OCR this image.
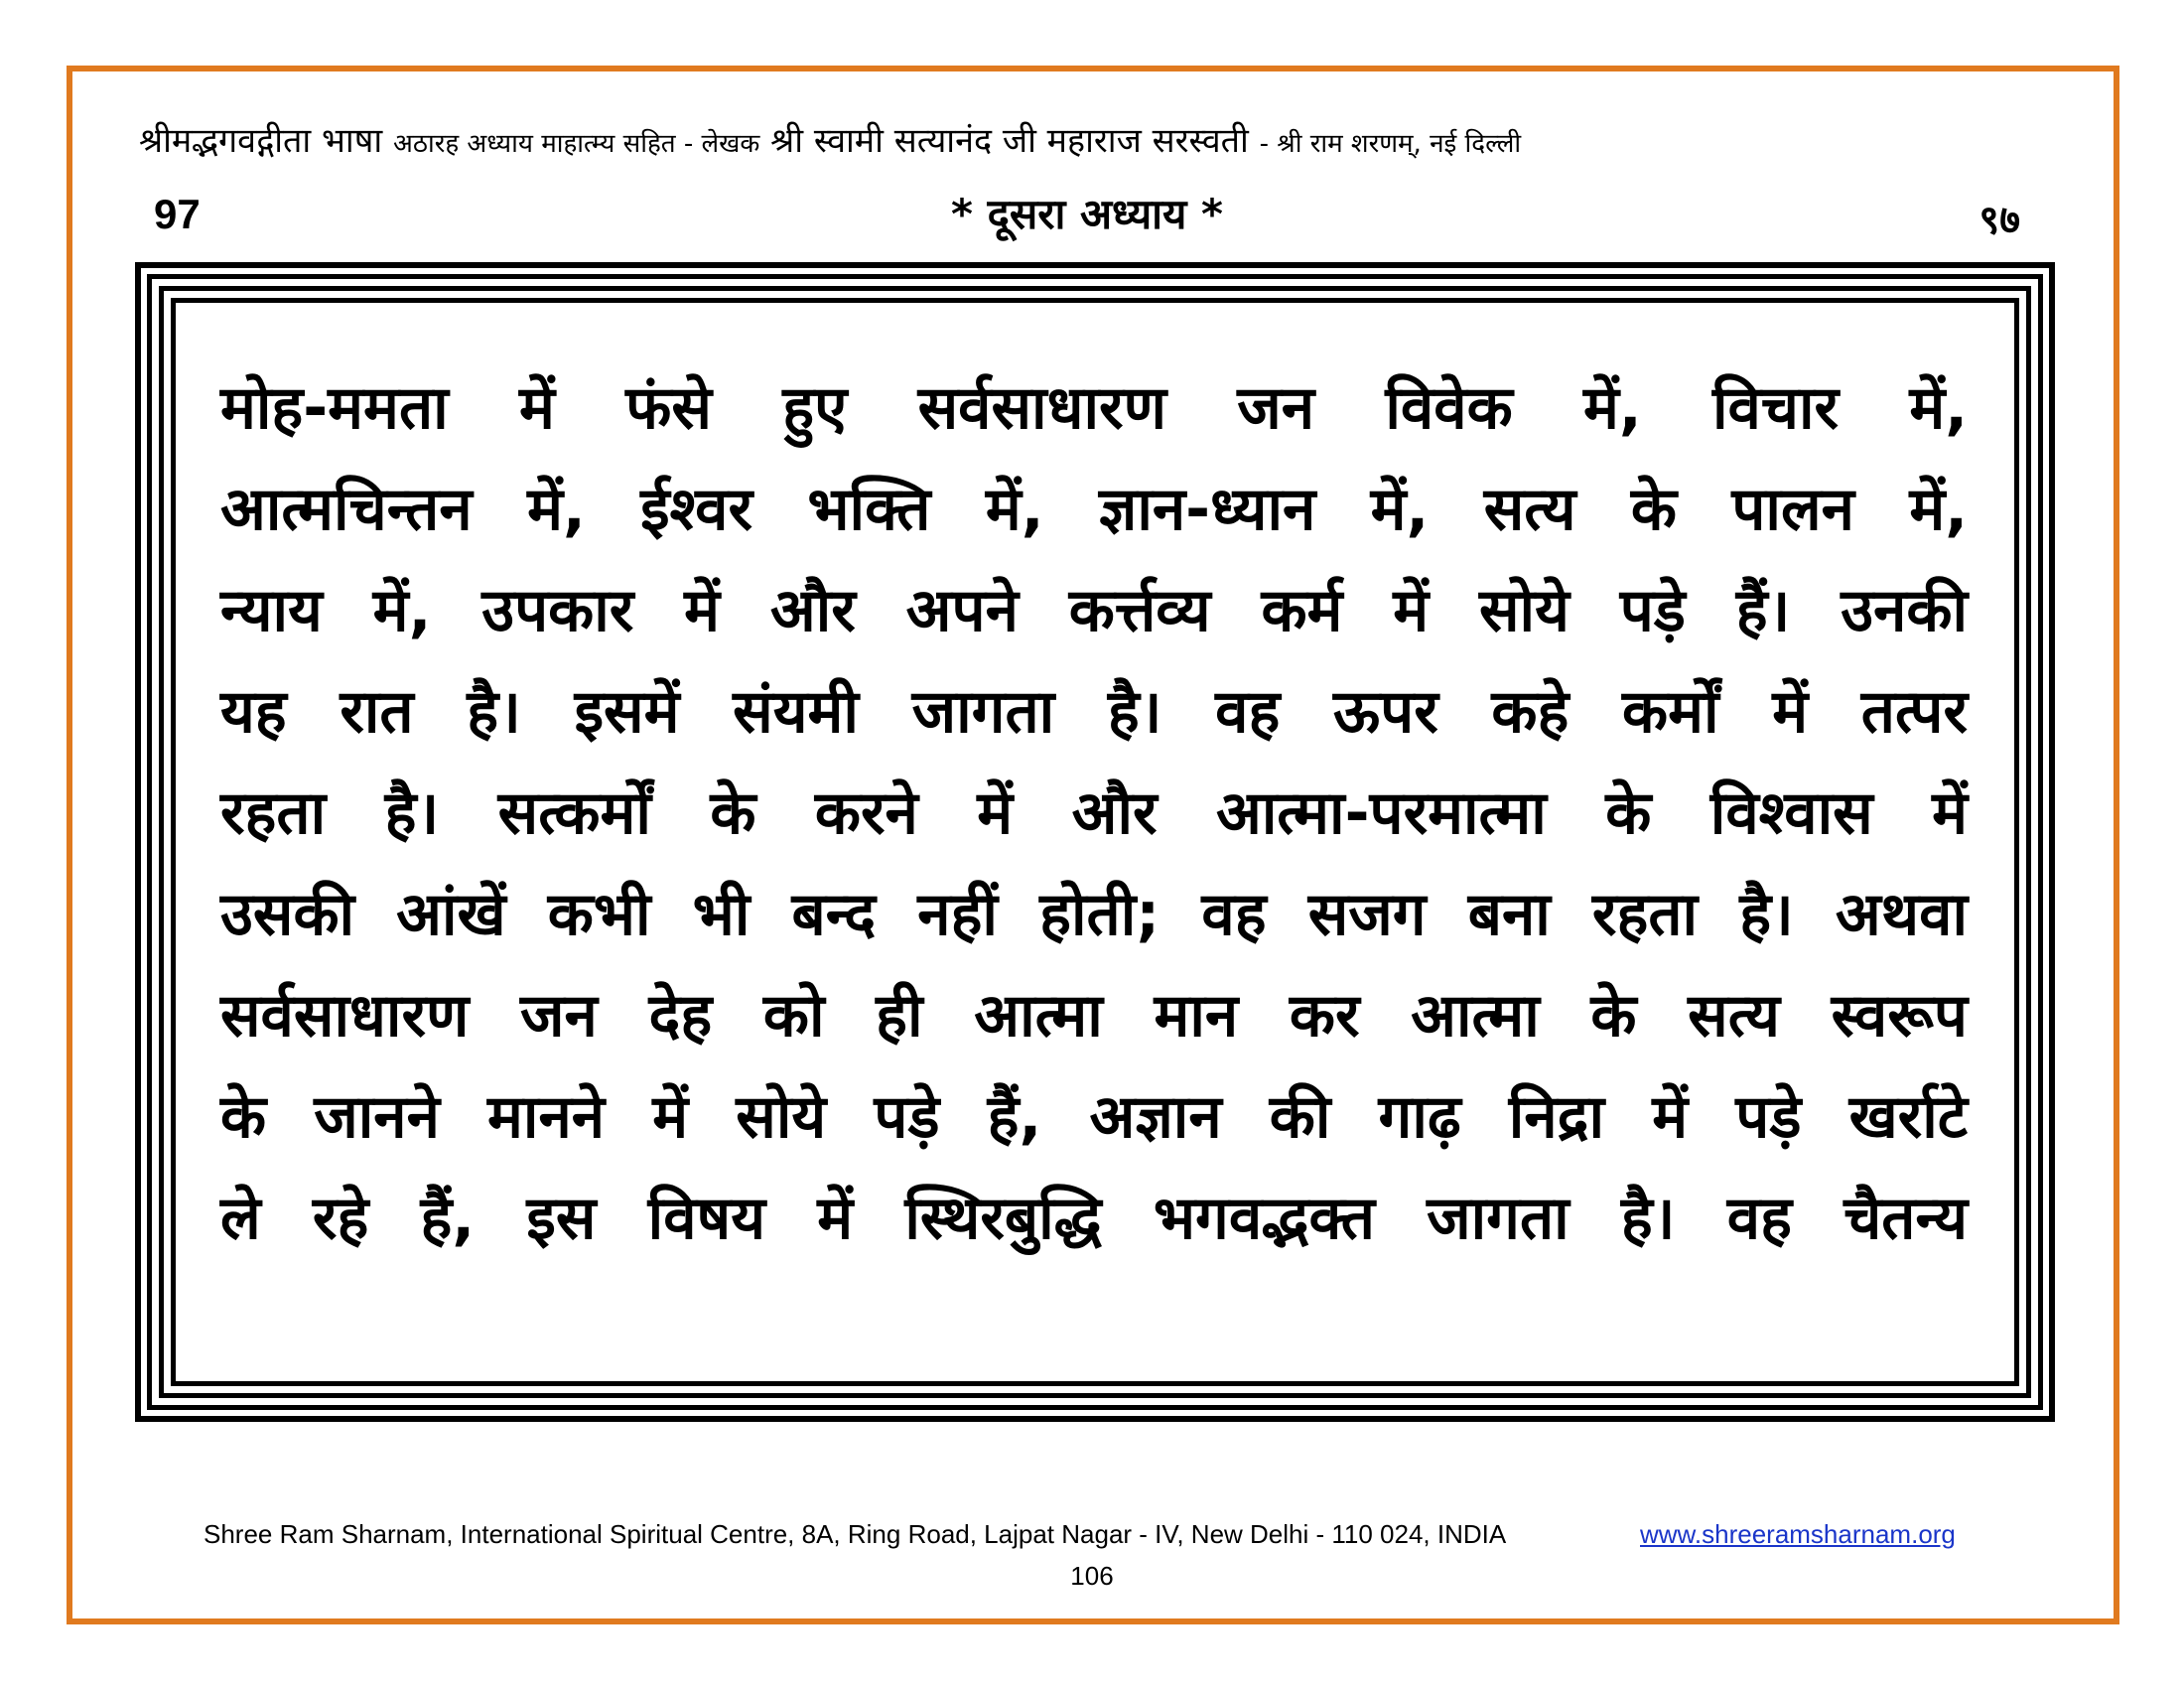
श्रीमद्भगवद्गीता भाषा अठारह अध्याय माहात्म्य सहित - लेखक श्री स्वामी सत्यानंद जी महाराज सरस्वती - श्री राम शरणम्, नई दिल्ली
97	* दूसरा अध्याय *	९७
मोह-ममता में फंसे हुए सर्वसाधारण जन विवेक में, विचार में,
आत्मचिन्तन में, ईश्वर भक्ति में, ज्ञान-ध्यान में, सत्य के पालन में,
न्याय में, उपकार में और अपने कर्त्तव्य कर्म में सोये पड़े हैं। उनकी
यह रात है। इसमें संयमी जागता है। वह ऊपर कहे कर्मों में तत्पर
रहता है। सत्कर्मों के करने में और आत्मा-परमात्मा के विश्वास में
उसकी आंखें कभी भी बन्द नहीं होती; वह सजग बना रहता है। अथवा
सर्वसाधारण जन देह को ही आत्मा मान कर आत्मा के सत्य स्वरूप
के जानने मानने में सोये पड़े हैं, अज्ञान की गाढ़ निद्रा में पड़े खर्राटे
ले रहे हैं, इस विषय में स्थिरबुद्धि भगवद्भक्त जागता है। वह चैतन्य
Shree Ram Sharnam, International Spiritual Centre, 8A, Ring Road, Lajpat Nagar - IV, New Delhi - 110 024, INDIA	www.shreeramsharnam.org
106
